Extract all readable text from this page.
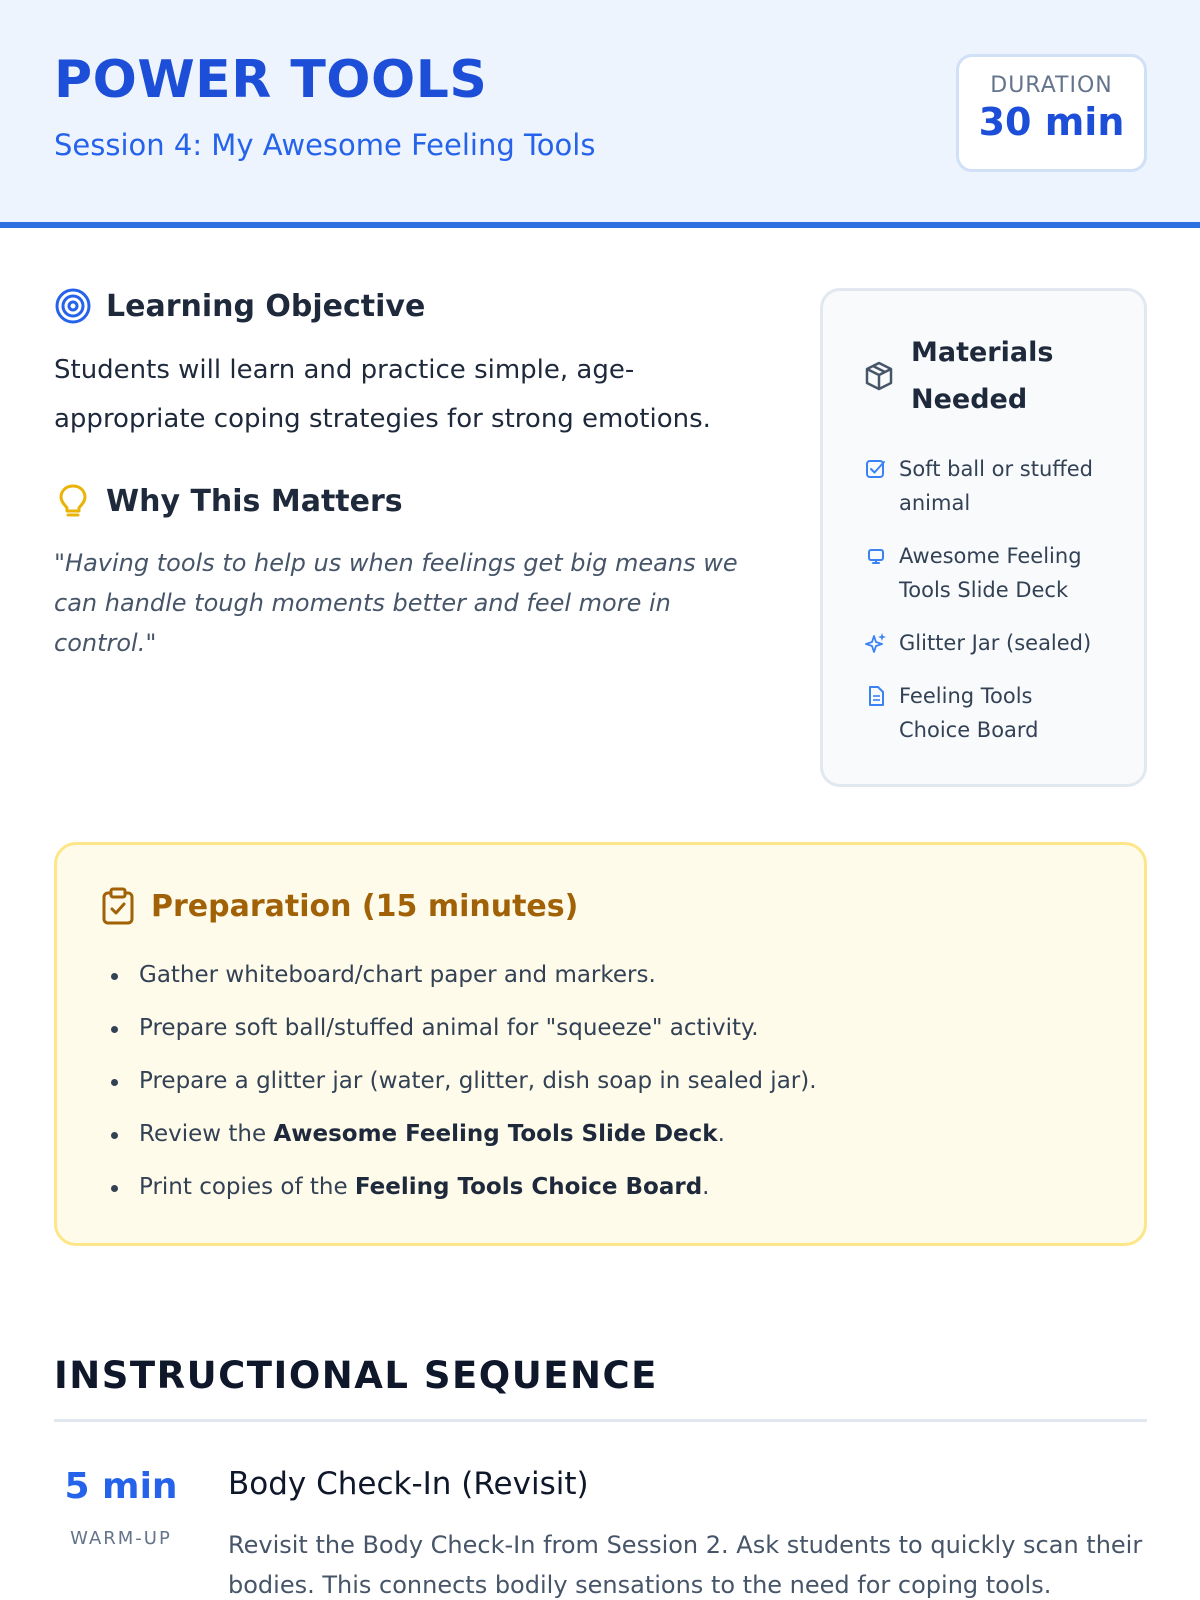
POWER TOOLS
Session 4: My Awesome Feeling Tools
DURATION
30 min
Learning Objective
Students will learn and practice simple, age-appropriate coping strategies for strong emotions.
Why This Matters
"Having tools to help us when feelings get big means we can handle tough moments better and feel more in control."
Materials Needed
Soft ball or stuffed animal
Awesome Feeling Tools Slide Deck
Glitter Jar (sealed)
Feeling Tools Choice Board
Preparation (15 minutes)
Gather whiteboard/chart paper and markers.
Prepare soft ball/stuffed animal for "squeeze" activity.
Prepare a glitter jar (water, glitter, dish soap in sealed jar).
Review the Awesome Feeling Tools Slide Deck.
Print copies of the Feeling Tools Choice Board.
INSTRUCTIONAL SEQUENCE
5 min
WARM-UP
Body Check-In (Revisit)
Revisit the Body Check-In from Session 2. Ask students to quickly scan their bodies. This connects bodily sensations to the need for coping tools.
